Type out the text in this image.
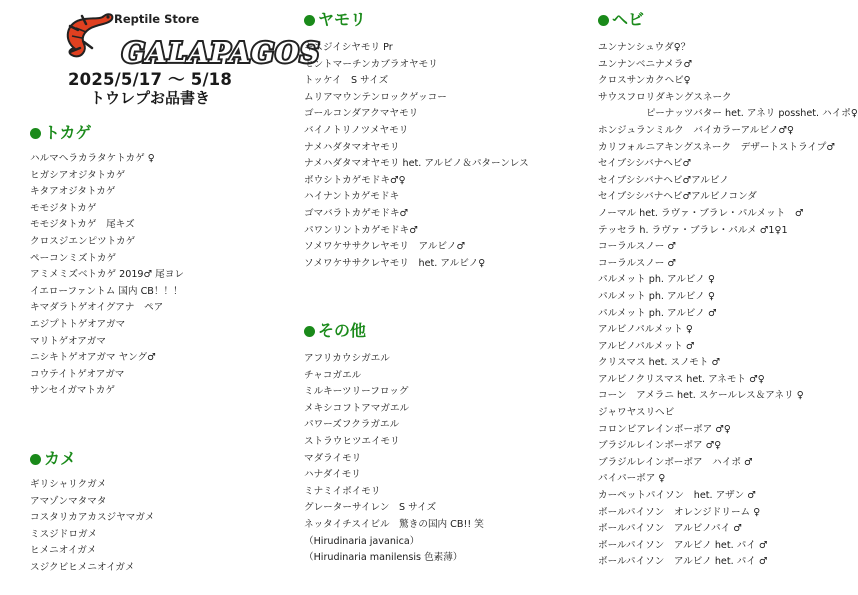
GALAPAGOS
Reptile Store
2025/5/17 ～ 5/18
トウレプお品書き
トカゲ
ハルマヘラカラタケトカゲ ♀
ヒガシアオジタトカゲ
キタアオジタトカゲ
モモジタトカゲ
モモジタトカゲ　尾キズ
クロスジエンピツトカゲ
ペーコンミズトカゲ
アミメミズベトカゲ 2019♂ 尾ヨレ
イエローファントム 国内 CB！！！
キマダラトゲオイグアナ　ペア
エジプトトゲオアガマ
マリトゲオアガマ
ニシキトゲオアガマ ヤング♂
コウテイトゲオアガマ
サンセイガマトカゲ
カメ
ギリシャリクガメ
アマゾンマタマタ
コスタリカアカスジヤマガメ
ミスジドロガメ
ヒメニオイガメ
スジクビヒメニオイガメ
ヤモリ
キスジイシヤモリ Pr
セントマーチンカブラオヤモリ
トッケイ　S サイズ
ムリアマウンテンロックゲッコー
ゴールコンダアクマヤモリ
バイノトリノツメヤモリ
ナメハダタマオヤモリ
ナメハダタマオヤモリ het. アルビノ＆パターンレス
ボウシトカゲモドキ♂♀
ハイナントカゲモドキ
ゴマバラトカゲモドキ♂
パワンリントカゲモドキ♂
ソメワケササクレヤモリ　アルビノ♂
ソメワケササクレヤモリ　het. アルビノ♀
その他
アフリカウシガエル
チャコガエル
ミルキーツリーフロッグ
メキシコフトアマガエル
パワーズフクラガエル
ストラウヒツエイモリ
マダライモリ
ハナダイモリ
ミナミイボイモリ
グレーターサイレン　S サイズ
ネッタイチスイビル　驚きの国内 CB!! 笑
（Hirudinaria javanica）
（Hirudinaria manilensis 色素薄）
ヘビ
ユンナンシュウダ♀？
ユンナンベニナメラ♂
クロスサンカクヘビ♀
サウスフロリダキングスネーク
ピーナッツバター het. アネリ posshet. ハイポ♀
ホンジュランミルク　バイカラーアルビノ♂♀
カリフォルニアキングスネーク　デザートストライプ♂
セイブシシバナヘビ♂
セイブシシバナヘビ♂アルビノ
セイブシシバナヘビ♂アルビノコンダ
ノーマル het. ラヴァ・ブラレ・パルメット　♂
テッセラ h. ラヴァ・ブラレ・パルメ ♂1♀1
コーラルスノー ♂
コーラルスノー ♂
パルメット ph. アルビノ ♀
パルメット ph. アルビノ ♀
パルメット ph. アルビノ ♂
アルビノパルメット ♀
アルビノパルメット ♂
クリスマス het. スノモト ♂
アルビノクリスマス het. アネモト ♂♀
コーン　アメラニ het. スケールレス＆アネリ ♀
ジャワヤスリヘビ
コロンビアレインボーボア ♂♀
ブラジルレインボーボア ♂♀
ブラジルレインボーボア　ハイポ ♂
パイパーボア ♀
カーペットパイソン　het. アザン ♂
ボールパイソン　オレンジドリーム ♀
ボールパイソン　アルビノパイ ♂
ボールパイソン　アルビノ het. パイ ♂
ボールパイソン　アルビノ het. パイ ♂
